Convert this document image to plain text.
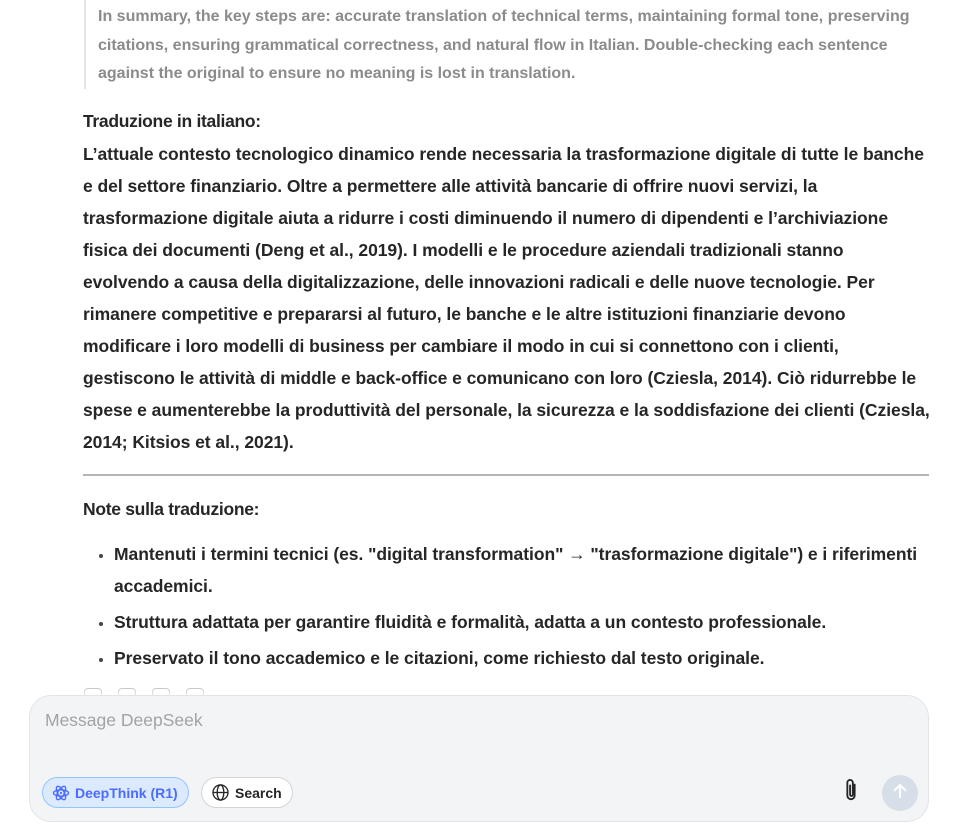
In summary, the key steps are: accurate translation of technical terms, maintaining formal tone, preserving citations, ensuring grammatical correctness, and natural flow in Italian. Double-checking each sentence against the original to ensure no meaning is lost in translation.

Traduzione in italiano:

L’attuale contesto tecnologico dinamico rende necessaria la trasformazione digitale di tutte le banche e del settore finanziario. Oltre a permettere alle attività bancarie di offrire nuovi servizi, la trasformazione digitale aiuta a ridurre i costi diminuendo il numero di dipendenti e l’archiviazione fisica dei documenti (Deng et al., 2019). I modelli e le procedure aziendali tradizionali stanno evolvendo a causa della digitalizzazione, delle innovazioni radicali e delle nuove tecnologie. Per rimanere competitive e prepararsi al futuro, le banche e le altre istituzioni finanziarie devono modificare i loro modelli di business per cambiare il modo in cui si connettono con i clienti, gestiscono le attività di middle e back-office e comunicano con loro (Cziesla, 2014). Ciò ridurrebbe le spese e aumenterebbe la produttività del personale, la sicurezza e la soddisfazione dei clienti (Cziesla, 2014; Kitsios et al., 2021).

Note sulla traduzione:

• Mantenuti i termini tecnici (es. "digital transformation" → "trasformazione digitale") e i riferimenti accademici.
• Struttura adattata per garantire fluidità e formalità, adatta a un contesto professionale.
• Preservato il tono accademico e le citazioni, come richiesto dal testo originale.
Message DeepSeek
DeepThink (R1)	Search
